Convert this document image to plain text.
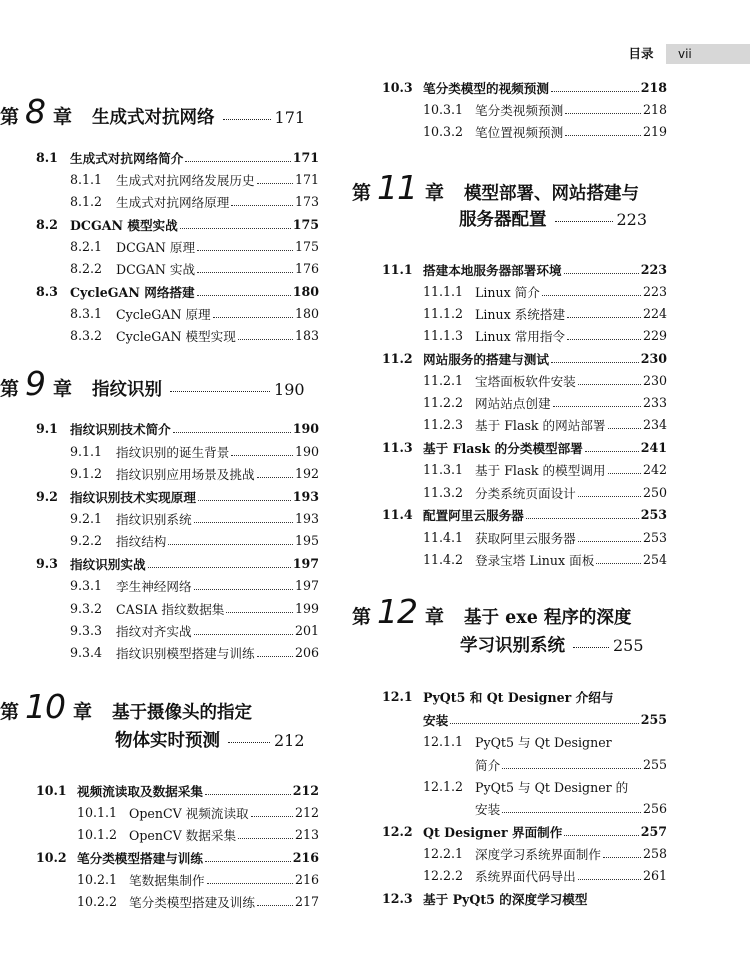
目录	vii
第 8 章 生成式对抗网络	171
8.1 生成式对抗网络简介	171
8.1.1	生成式对抗网络发展历史	171
8.1.2	生成式对抗网络原理	173
8.2 DCGAN 模型实战	175
8.2.1	DCGAN 原理	175
8.2.2	DCGAN 实战	176
8.3 CycleGAN 网络搭建	180
8.3.1	CycleGAN 原理	180
8.3.2	CycleGAN 模型实现	183
第 9 章 指纹识别	190
9.1 指纹识别技术简介	190
9.1.1	指纹识别的诞生背景	190
9.1.2	指纹识别应用场景及挑战	192
9.2 指纹识别技术实现原理	193
9.2.1	指纹识别系统	193
9.2.2	指纹结构	195
9.3 指纹识别实战	197
9.3.1	孪生神经网络	197
9.3.2	CASIA 指纹数据集	199
9.3.3	指纹对齐实战	201
9.3.4	指纹识别模型搭建与训练	206
第 10 章 基于摄像头的指定
物体实时预测	212
10.1 视频流读取及数据采集	212
10.1.1 OpenCV 视频流读取	212
10.1.2 OpenCV 数据采集	213
10.2 笔分类模型搭建与训练	216
10.2.1 笔数据集制作	216
10.2.2 笔分类模型搭建及训练	217
10.3 笔分类模型的视频预测	218
10.3.1 笔分类视频预测	218
10.3.2 笔位置视频预测	219
第 11 章 模型部署、网站搭建与
服务器配置	223
11.1 搭建本地服务器部署环境	223
11.1.1 Linux 简介	223
11.1.2 Linux 系统搭建	224
11.1.3 Linux 常用指令	229
11.2 网站服务的搭建与测试	230
11.2.1 宝塔面板软件安装	230
11.2.2 网站站点创建	233
11.2.3 基于 Flask 的网站部署	234
11.3 基于 Flask 的分类模型部署	241
11.3.1 基于 Flask 的模型调用	242
11.3.2 分类系统页面设计	250
11.4 配置阿里云服务器	253
11.4.1 获取阿里云服务器	253
11.4.2 登录宝塔 Linux 面板	254
第 12 章 基于 exe 程序的深度
学习识别系统	255
12.1 PyQt5 和 Qt Designer 介绍与
安装	255
12.1.1 PyQt5 与 Qt Designer
简介	255
12.1.2 PyQt5 与 Qt Designer 的
安装	256
12.2 Qt Designer 界面制作	257
12.2.1 深度学习系统界面制作	258
12.2.2 系统界面代码导出	261
12.3 基于 PyQt5 的深度学习模型
